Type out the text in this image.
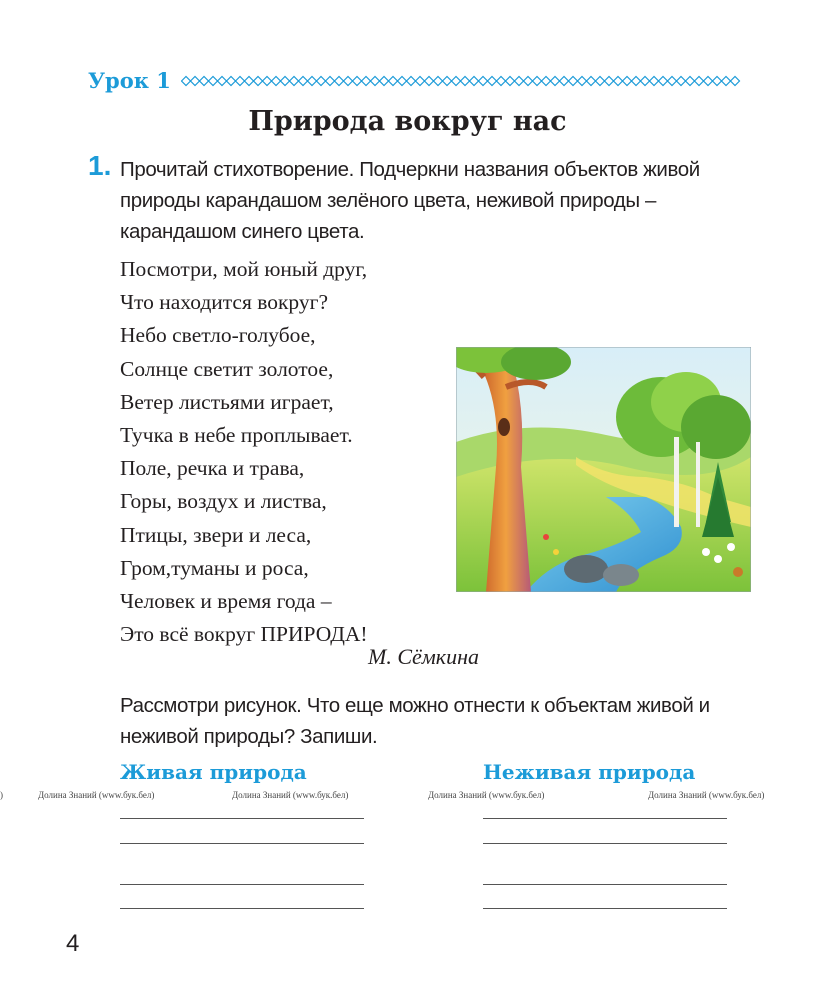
Урок 1
Природа вокруг нас
1. Прочитай стихотворение. Подчеркни названия объектов живой природы карандашом зелёного цвета, неживой природы – карандашом синего цвета.

Посмотри, мой юный друг,
Что находится вокруг?
Небо светло-голубое,
Солнце светит золотое,
Ветер листьями играет,
Тучка в небе проплывает.
Поле, речка и трава,
Горы, воздух и листва,
Птицы, звери и леса,
Гром,туманы и роса,
Человек и время года –
Это всё вокруг ПРИРОДА!
М. Сёмкина

Рассмотри рисунок. Что еще можно отнести к объектам живой и неживой природы? Запиши.

Живая природа	Неживая природа
)	Долина Знаний (www.бук.бел)	Долина Знаний (www.бук.бел)	Долина Знаний (www.бук.бел)	Долина Знаний (www.бук.бел)
4
